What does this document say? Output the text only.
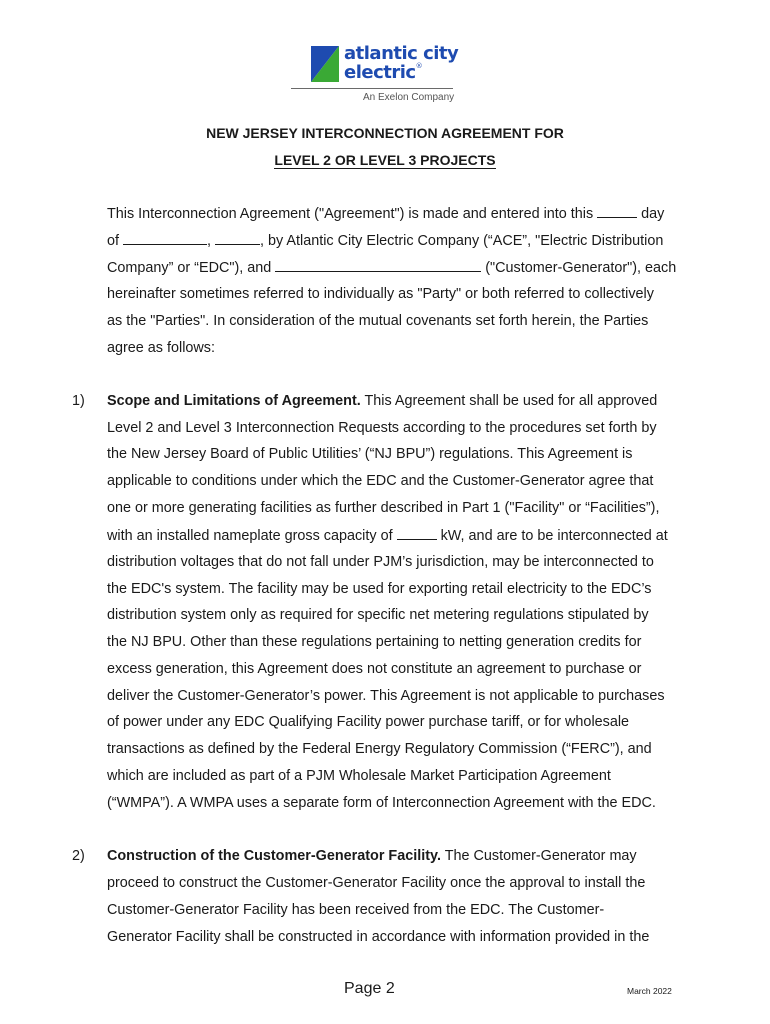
atlantic city
electric®
An Exelon Company
NEW JERSEY INTERCONNECTION AGREEMENT FOR
LEVEL 2 OR LEVEL 3 PROJECTS
This Interconnection Agreement ("Agreement") is made and entered into this	day
of	,	, by Atlantic City Electric Company (“ACE”, "Electric Distribution
Company” or “EDC"), and	("Customer-Generator"), each
hereinafter sometimes referred to individually as "Party" or both referred to collectively
as the "Parties". In consideration of the mutual covenants set forth herein, the Parties
agree as follows:
1) Scope and Limitations of Agreement. This Agreement shall be used for all approved
Level 2 and Level 3 Interconnection Requests according to the procedures set forth by
the New Jersey Board of Public Utilities’ (“NJ BPU”) regulations. This Agreement is
applicable to conditions under which the EDC and the Customer-Generator agree that
one or more generating facilities as further described in Part 1 ("Facility" or “Facilities”),
with an installed nameplate gross capacity of	kW, and are to be interconnected at
distribution voltages that do not fall under PJM’s jurisdiction, may be interconnected to
the EDC's system. The facility may be used for exporting retail electricity to the EDC’s
distribution system only as required for specific net metering regulations stipulated by
the NJ BPU. Other than these regulations pertaining to netting generation credits for
excess generation, this Agreement does not constitute an agreement to purchase or
deliver the Customer-Generator’s power. This Agreement is not applicable to purchases
of power under any EDC Qualifying Facility power purchase tariff, or for wholesale
transactions as defined by the Federal Energy Regulatory Commission (“FERC”), and
which are included as part of a PJM Wholesale Market Participation Agreement
(“WMPA”). A WMPA uses a separate form of Interconnection Agreement with the EDC.
2) Construction of the Customer-Generator Facility. The Customer-Generator may
proceed to construct the Customer-Generator Facility once the approval to install the
Customer-Generator Facility has been received from the EDC. The Customer-
Generator Facility shall be constructed in accordance with information provided in the
Page 2	March 2022
